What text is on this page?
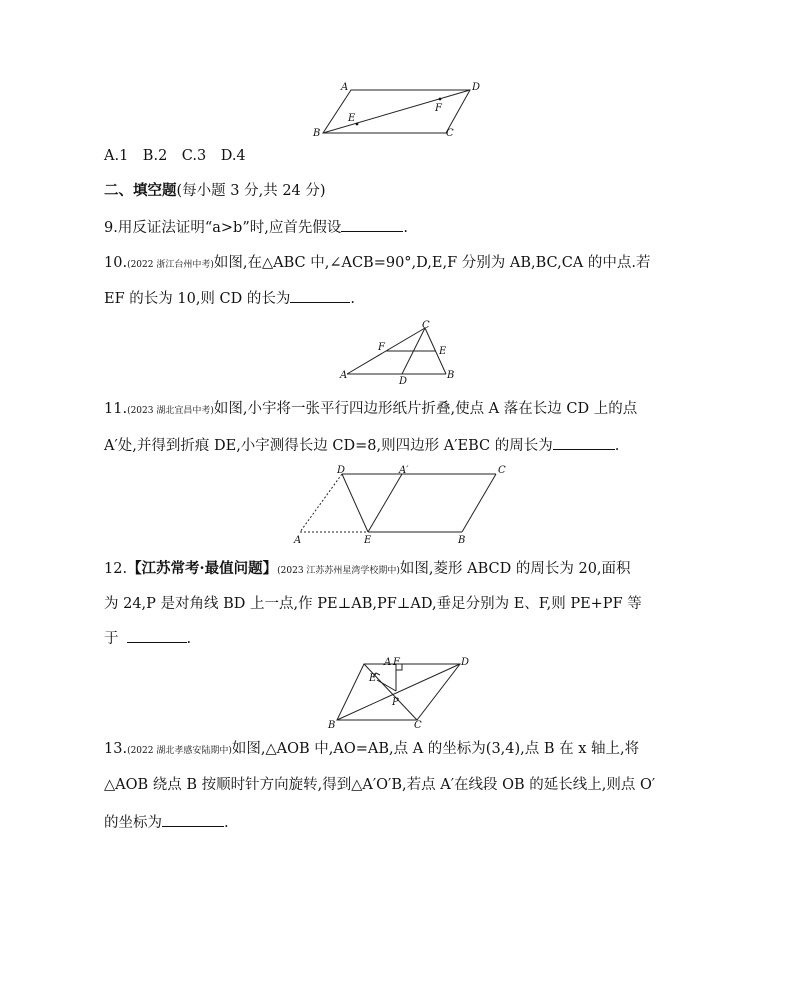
A	D
B	C
E
F
A.1　B.2　C.3　D.4
二、填空题(每小题 3 分,共 24 分)
9.用反证法证明“a>b”时,应首先假设	.
10.(2022 浙江台州中考)如图,在△ABC 中,∠ACB=90°,D,E,F 分别为 AB,BC,CA 的中点.若
EF 的长为 10,则 CD 的长为	.
C
F	E
A
D
B
11.(2023 湖北宜昌中考)如图,小宇将一张平行四边形纸片折叠,使点 A 落在长边 CD 上的点
A′处,并得到折痕 DE,小宇测得长边 CD=8,则四边形 A′EBC 的周长为	.
D	A′	C
A	E	B
12.【江苏常考·最值问题】(2023 江苏苏州星湾学校期中)如图,菱形 ABCD 的周长为 20,面积
为 24,P 是对角线 BD 上一点,作 PE⊥AB,PF⊥AD,垂足分别为 E、F,则 PE+PF 等
于	.
A F	D
E
P
B	C
13.(2022 湖北孝感安陆期中)如图,△AOB 中,AO=AB,点 A 的坐标为(3,4),点 B 在 x 轴上,将
△AOB 绕点 B 按顺时针方向旋转,得到△A′O′B,若点 A′在线段 OB 的延长线上,则点 O′
的坐标为	.
